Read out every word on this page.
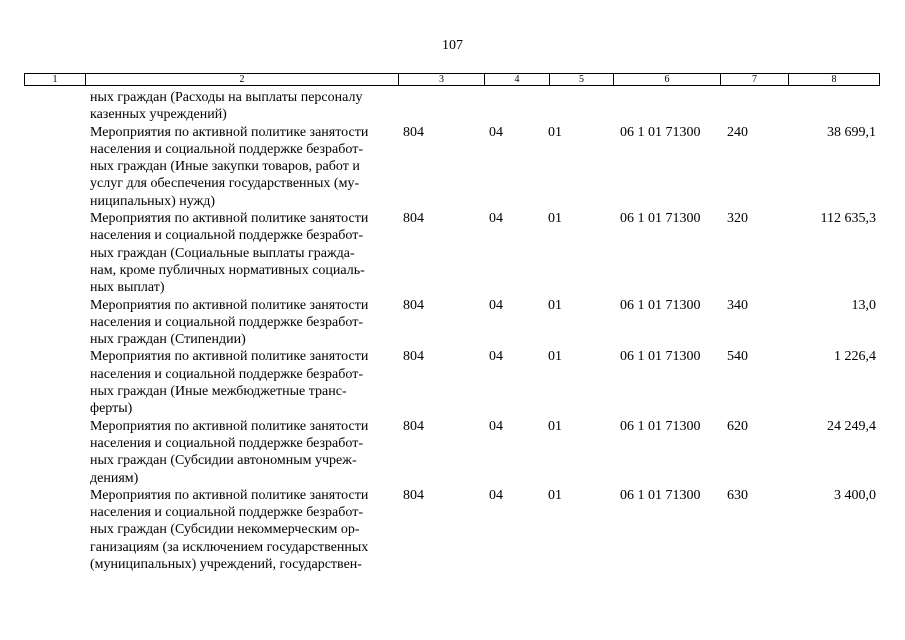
107
1	2	3	4	5	6	7	8
ных граждан (Расходы на выплаты персоналу
казенных учреждений)
Мероприятия по активной политике занятости
населения и социальной поддержке безработ-
ных граждан (Иные закупки товаров, работ и
услуг для обеспечения государственных (му-
ниципальных) нужд)
804	04	01	06 1 01 71300 240	38 699,1
Мероприятия по активной политике занятости
населения и социальной поддержке безработ-
ных граждан (Социальные выплаты гражда-
нам, кроме публичных нормативных социаль-
ных выплат)
804	04	01	06 1 01 71300 320	112 635,3
Мероприятия по активной политике занятости
населения и социальной поддержке безработ-
ных граждан (Стипендии)
804	04	01	06 1 01 71300 340	13,0
Мероприятия по активной политике занятости
населения и социальной поддержке безработ-
ных граждан (Иные межбюджетные транс-
ферты)
804	04	01	06 1 01 71300 540	1 226,4
Мероприятия по активной политике занятости
населения и социальной поддержке безработ-
ных граждан (Субсидии автономным учреж-
дениям)
804	04	01	06 1 01 71300 620	24 249,4
Мероприятия по активной политике занятости
населения и социальной поддержке безработ-
ных граждан (Субсидии некоммерческим ор-
ганизациям (за исключением государственных
(муниципальных) учреждений, государствен-
804	04	01	06 1 01 71300 630	3 400,0
